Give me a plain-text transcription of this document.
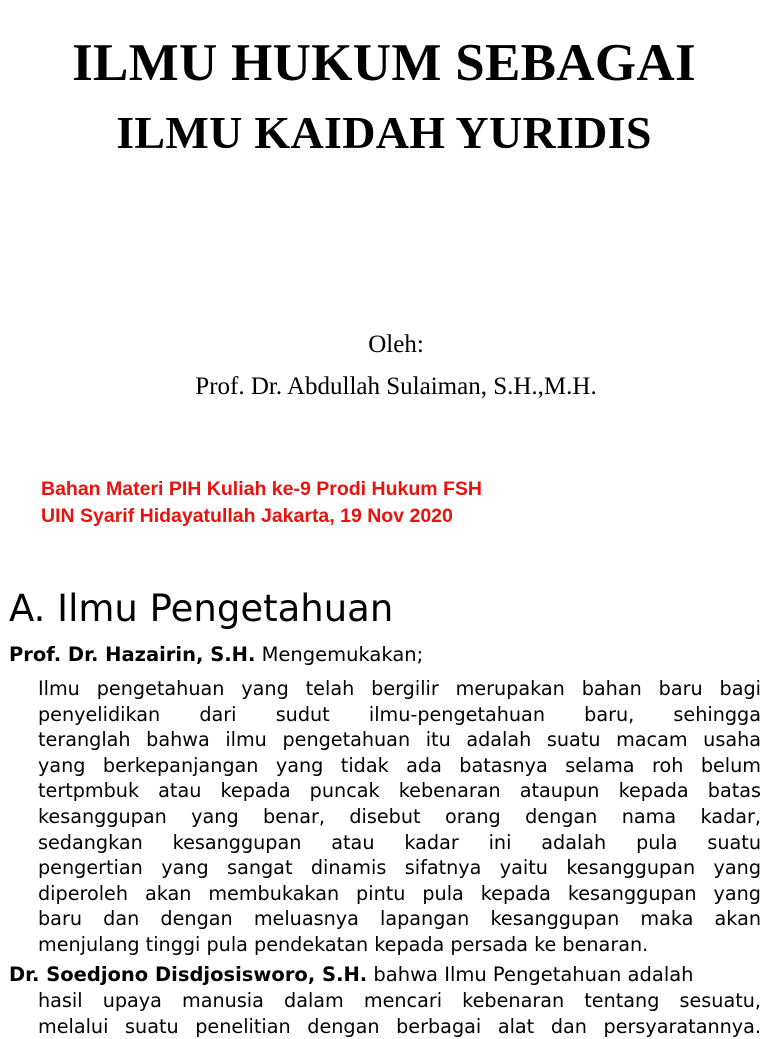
ILMU HUKUM SEBAGAI
ILMU KAIDAH YURIDIS
Oleh:
Prof. Dr. Abdullah Sulaiman, S.H.,M.H.
Bahan Materi PIH Kuliah ke-9 Prodi Hukum FSH
UIN Syarif Hidayatullah Jakarta, 19 Nov 2020
A. Ilmu Pengetahuan
Prof. Dr. Hazairin, S.H. Mengemukakan;
Ilmu pengetahuan yang telah bergilir merupakan bahan baru bagi
penyelidikan dari sudut ilmu-pengetahuan baru, sehingga
teranglah bahwa ilmu pengetahuan itu adalah suatu macam usaha
yang berkepanjangan yang tidak ada batasnya selama roh belum
tertpmbuk atau kepada puncak kebenaran ataupun kepada batas
kesanggupan yang benar, disebut orang dengan nama kadar,
sedangkan kesanggupan atau kadar ini adalah pula suatu
pengertian yang sangat dinamis sifatnya yaitu kesanggupan yang
diperoleh akan membukakan pintu pula kepada kesanggupan yang
baru dan dengan meluasnya lapangan kesanggupan maka akan
menjulang tinggi pula pendekatan kepada persada ke benaran.
Dr. Soedjono Disdjosisworo, S.H. bahwa Ilmu Pengetahuan adalah
hasil upaya manusia dalam mencari kebenaran tentang sesuatu,
melalui suatu penelitian dengan berbagai alat dan persyaratannya.
